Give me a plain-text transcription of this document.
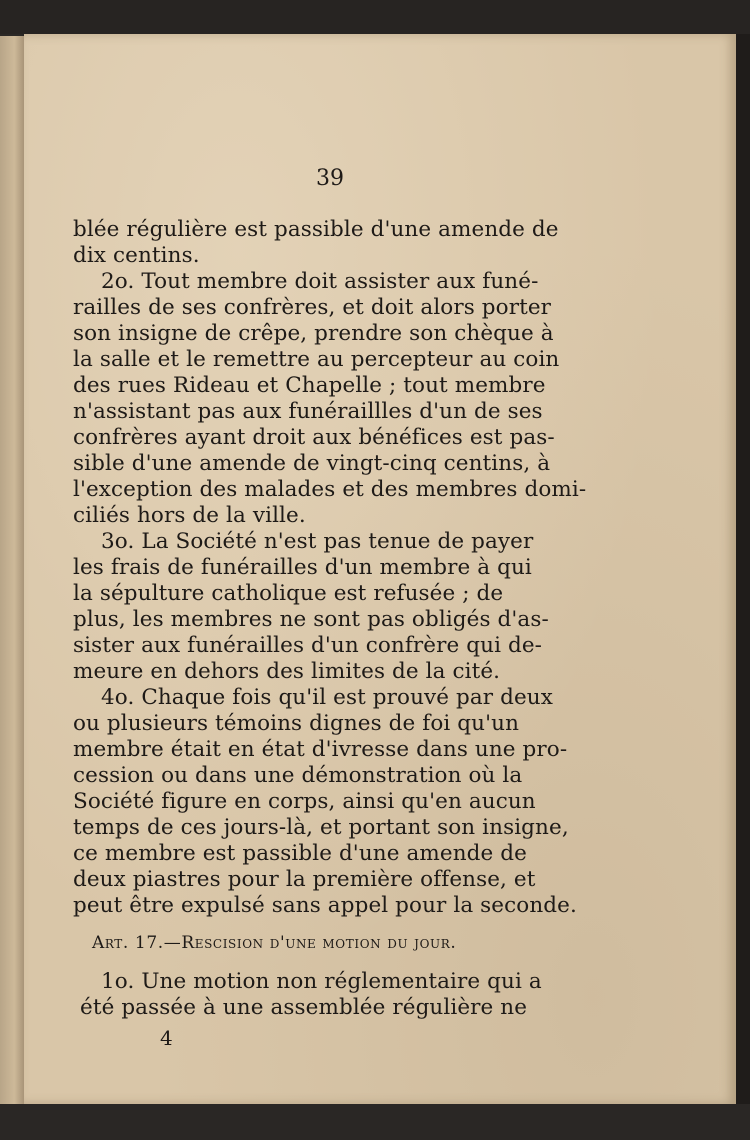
39
blée régulière est passible d'une amende de
dix centins.
2o. Tout membre doit assister aux funé-
railles de ses confrères, et doit alors porter
son insigne de crêpe, prendre son chèque à
la salle et le remettre au percepteur au coin
des rues Rideau et Chapelle ; tout membre
n'assistant pas aux funéraillles d'un de ses
confrères ayant droit aux bénéfices est pas-
sible d'une amende de vingt-cinq centins, à
l'exception des malades et des membres domi-
ciliés hors de la ville.
3o. La Société n'est pas tenue de payer
les frais de funérailles d'un membre à qui
la sépulture catholique est refusée ; de
plus, les membres ne sont pas obligés d'as-
sister aux funérailles d'un confrère qui de-
meure en dehors des limites de la cité.
4o. Chaque fois qu'il est prouvé par deux
ou plusieurs témoins dignes de foi qu'un
membre était en état d'ivresse dans une pro-
cession ou dans une démonstration où la
Société figure en corps, ainsi qu'en aucun
temps de ces jours-là, et portant son insigne,
ce membre est passible d'une amende de
deux piastres pour la première offense, et
peut être expulsé sans appel pour la seconde.
Art. 17.—Rescision d'une motion du jour.
1o. Une motion non réglementaire qui a
été passée à une assemblée régulière ne
4
